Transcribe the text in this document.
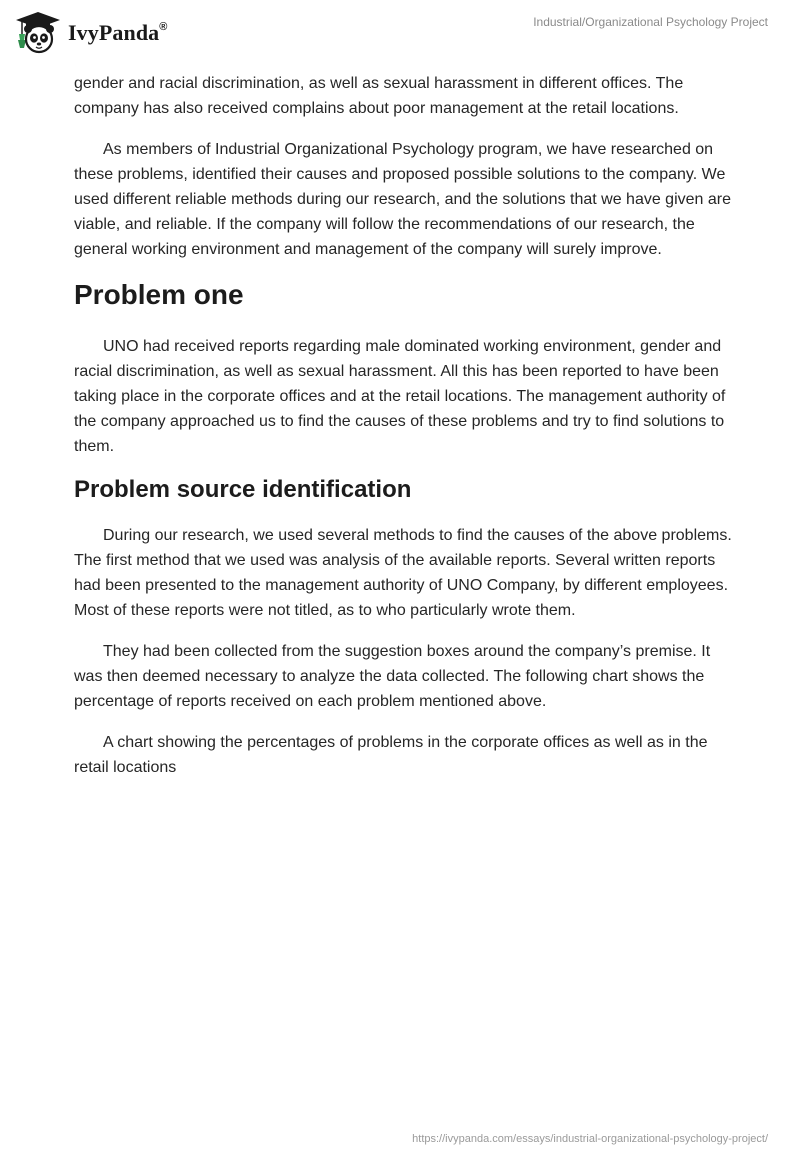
IvyPanda®	Industrial/Organizational Psychology Project

gender and racial discrimination, as well as sexual harassment in different offices. The company has also received complains about poor management at the retail locations.

As members of Industrial Organizational Psychology program, we have researched on these problems, identified their causes and proposed possible solutions to the company. We used different reliable methods during our research, and the solutions that we have given are viable, and reliable. If the company will follow the recommendations of our research, the general working environment and management of the company will surely improve.

Problem one

UNO had received reports regarding male dominated working environment, gender and racial discrimination, as well as sexual harassment. All this has been reported to have been taking place in the corporate offices and at the retail locations. The management authority of the company approached us to find the causes of these problems and try to find solutions to them.

Problem source identification

During our research, we used several methods to find the causes of the above problems. The first method that we used was analysis of the available reports. Several written reports had been presented to the management authority of UNO Company, by different employees. Most of these reports were not titled, as to who particularly wrote them.

They had been collected from the suggestion boxes around the company’s premise. It was then deemed necessary to analyze the data collected. The following chart shows the percentage of reports received on each problem mentioned above.

A chart showing the percentages of problems in the corporate offices as well as in the retail locations

https://ivypanda.com/essays/industrial-organizational-psychology-project/
